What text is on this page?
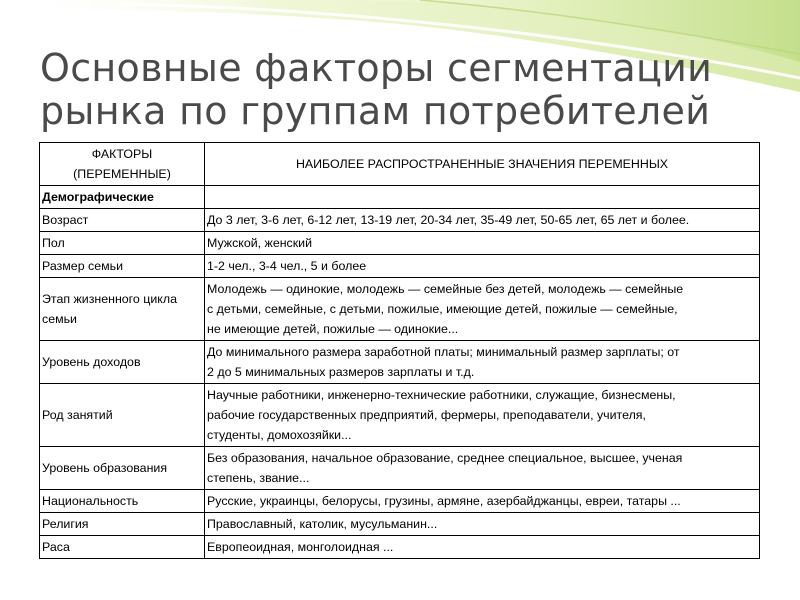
Основные факторы сегментации
рынка по группам потребителей
ФАКТОРЫ
(ПЕРЕМЕННЫЕ)	НАИБОЛЕЕ РАСПРОСТРАНЕННЫЕ ЗНАЧЕНИЯ ПЕРЕМЕННЫХ
Демографические	

Возраст	До 3 лет, 3-6 лет, 6-12 лет, 13-19 лет, 20-34 лет, 35-49 лет, 50-65 лет, 65 лет и более.

Пол	Мужской, женский

Размер семьи	1-2 чел., 3-4 чел., 5 и более

Этап жизненного цикла
семьи	Молодежь — одинокие, молодежь — семейные без детей, молодежь — семейные
с детьми, семейные, с детьми, пожилые, имеющие детей, пожилые — семейные,
не имеющие детей, пожилые — одинокие...

Уровень доходов	До минимального размера заработной платы; минимальный размер зарплаты; от
2 до 5 минимальных размеров зарплаты и т.д.

Род занятий	Научные работники, инженерно-технические работники, служащие, бизнесмены,
рабочие государственных предприятий, фермеры, преподаватели, учителя,
студенты, домохозяйки...

Уровень образования	Без образования, начальное образование, среднее специальное, высшее, ученая
степень, звание...

Национальность	Русские, украинцы, белорусы, грузины, армяне, азербайджанцы, евреи, татары ...

Религия	Православный, католик, мусульманин...

Раса	Европеоидная, монголоидная ...
